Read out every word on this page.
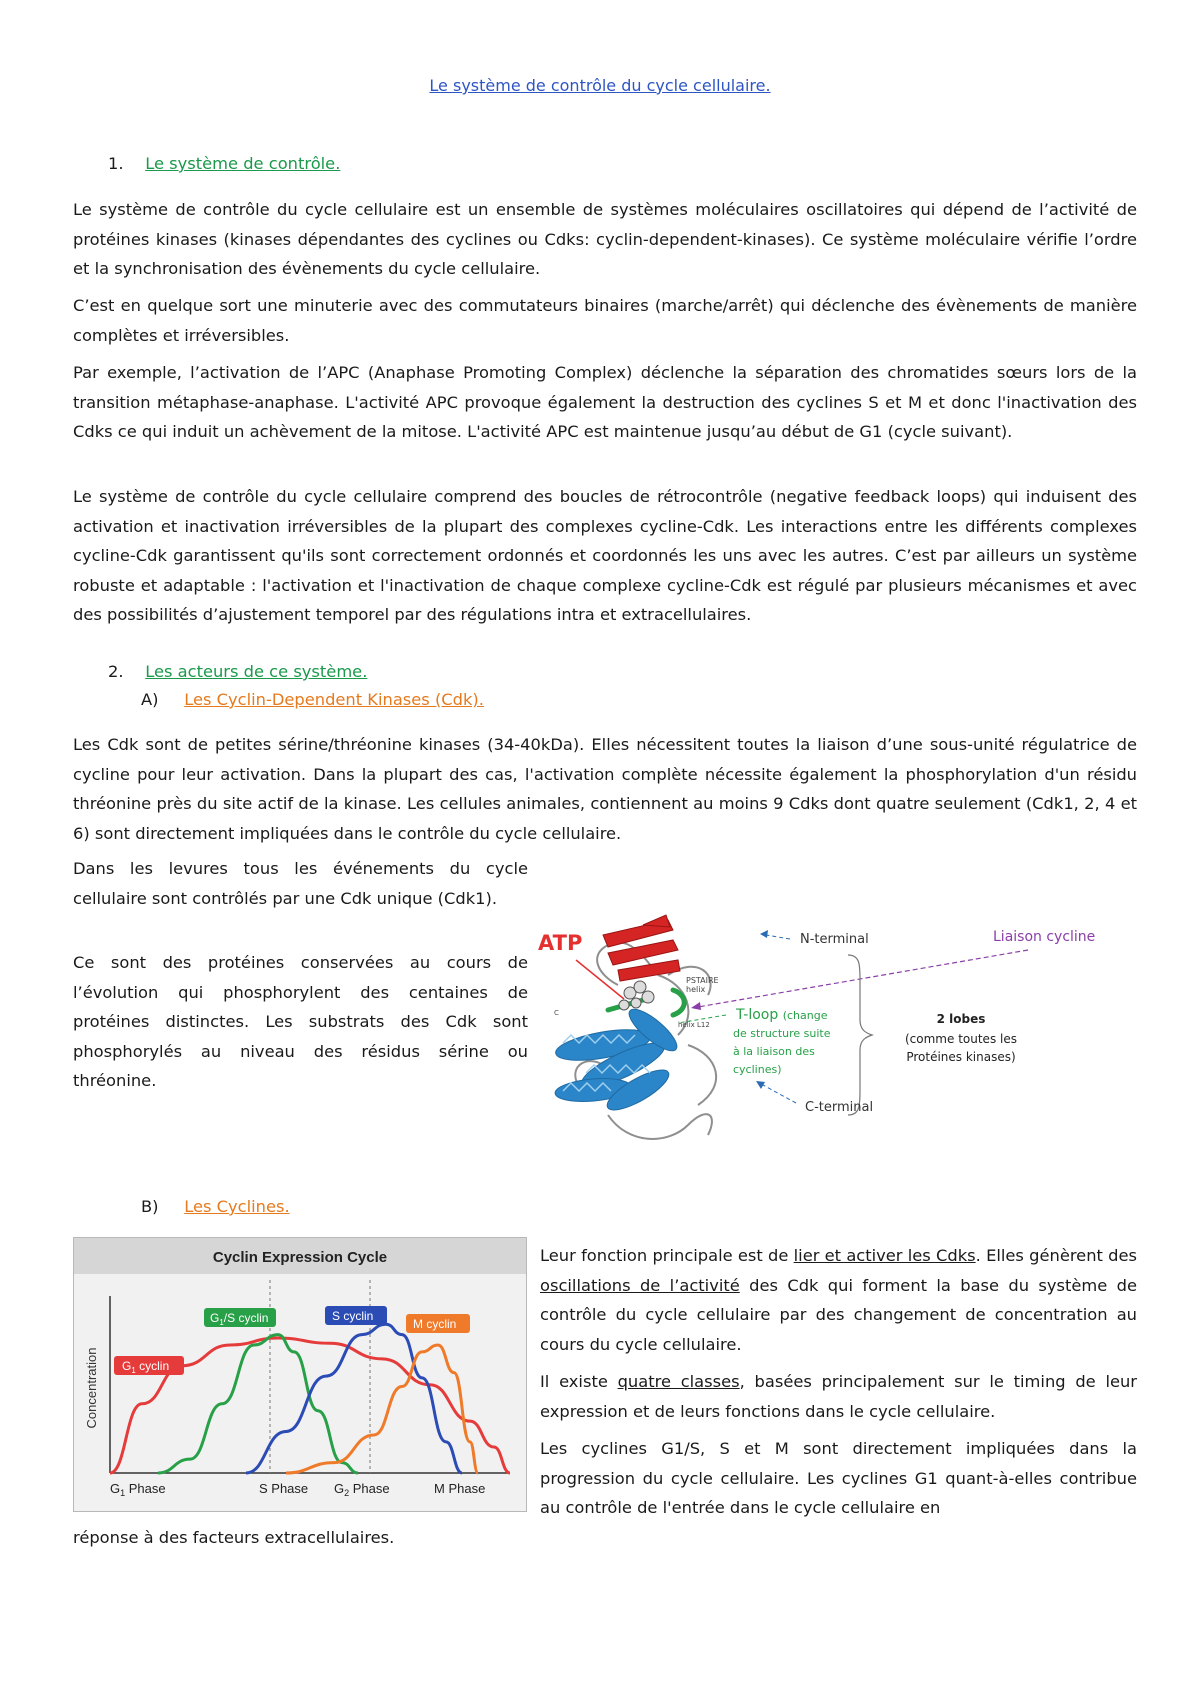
Le système de contrôle du cycle cellulaire.
1. Le système de contrôle.

Le système de contrôle du cycle cellulaire est un ensemble de systèmes moléculaires oscillatoires qui dépend de l’activité de protéines kinases (kinases dépendantes des cyclines ou Cdks: cyclin-dependent-kinases). Ce système moléculaire vérifie l’ordre et la synchronisation des évènements du cycle cellulaire.

C’est en quelque sort une minuterie avec des commutateurs binaires (marche/arrêt) qui déclenche des évènements de manière complètes et irréversibles.

Par exemple, l’activation de l’APC (Anaphase Promoting Complex) déclenche la séparation des chromatides sœurs lors de la transition métaphase-anaphase. L'activité APC provoque également la destruction des cyclines S et M et donc l'inactivation des Cdks ce qui induit un achèvement de la mitose. L'activité APC est maintenue jusqu’au début de G1 (cycle suivant).

Le système de contrôle du cycle cellulaire comprend des boucles de rétrocontrôle (negative feedback loops) qui induisent des activation et inactivation irréversibles de la plupart des complexes cycline-Cdk. Les interactions entre les différents complexes cycline-Cdk garantissent qu'ils sont correctement ordonnés et coordonnés les uns avec les autres. C’est par ailleurs un système robuste et adaptable : l'activation et l'inactivation de chaque complexe cycline-Cdk est régulé par plusieurs mécanismes et avec des possibilités d’ajustement temporel par des régulations intra et extracellulaires.

2. Les acteurs de ce système.
A) Les Cyclin-Dependent Kinases (Cdk).

Les Cdk sont de petites sérine/thréonine kinases (34-40kDa). Elles nécessitent toutes la liaison d’une sous-unité régulatrice de cycline pour leur activation. Dans la plupart des cas, l'activation complète nécessite également la phosphorylation d'un résidu thréonine près du site actif de la kinase. Les cellules animales, contiennent au moins 9 Cdks dont quatre seulement (Cdk1, 2, 4 et 6) sont directement impliquées dans le contrôle du cycle cellulaire.

Dans les levures tous les événements du cycle cellulaire sont contrôlés par une Cdk unique (Cdk1).

Ce sont des protéines conservées au cours de l’évolution qui phosphorylent des centaines de protéines distinctes. Les substrats des Cdk sont phosphorylés au niveau des résidus sérine ou thréonine.

C
ATP
PSTAIRE
helix
helix L12
N-terminal	Liaison cycline
T-loop (change
de structure suite
à la liaison des
cyclines)
2 lobes
(comme toutes les
Protéines kinases)
C-terminal
B) Les Cyclines.
Cyclin Expression Cycle
Concentration $G_1$ cyclin
$G_1/S$ cyclin	S cyclin
M cyclin
$G_1$ Phase	S Phase $G_2$ Phase	M Phase

Leur fonction principale est de lier et activer les Cdks. Elles génèrent des oscillations de l’activité des Cdk qui forment la base du système de contrôle du cycle cellulaire par des changement de concentration au cours du cycle cellulaire.

Il existe quatre classes, basées principalement sur le timing de leur expression et de leurs fonctions dans le cycle cellulaire.

Les cyclines G1/S, S et M sont directement impliquées dans la progression du cycle cellulaire. Les cyclines G1 quant-à-elles contribue au contrôle de l'entrée dans le cycle cellulaire en

réponse à des facteurs extracellulaires.
